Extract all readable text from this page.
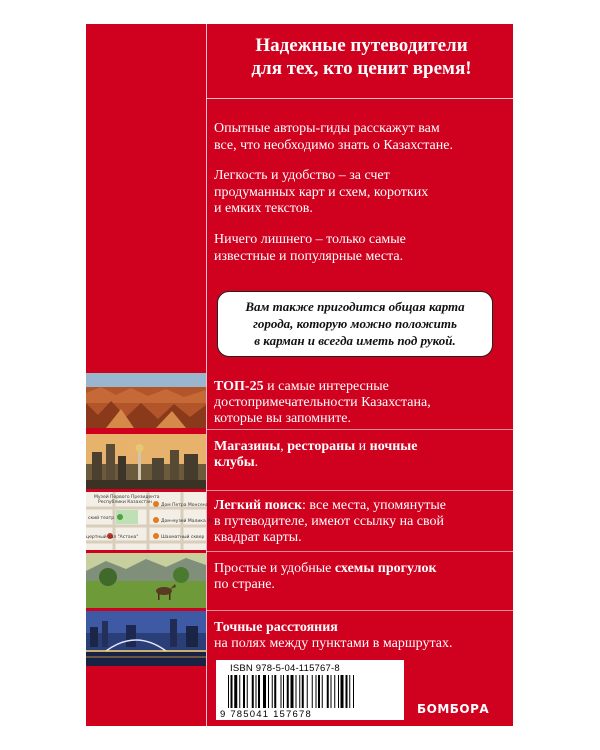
Надежные путеводители
для тех, кто ценит время!
Опытные авторы-гиды расскажут вам
все, что необходимо знать о Казахстане.
Легкость и удобство – за счет
продуманных карт и схем, коротких
и емких текстов.
Ничего лишнего – только самые
известные и популярные места.
Вам также пригодится общая карта
города, которую можно положить
в карман и всегда иметь под рукой.
ТОП-25 и самые интересные
достопримечательности Казахстана,
которые вы запомните.
Магазины, рестораны и ночные
клубы.
Музей Первого Президента
Республики Казахстан
Дом Петра Монсена
ский театр
Дом-музей Малика Ку
цертный зал "Астана"	Шахматный сквер
Легкий поиск: все места, упомянутые
в путеводителе, имеют ссылку на свой
квадрат карты.
Простые и удобные схемы прогулок
по стране.
Точные расстояния
на полях между пунктами в маршрутах.
ISBN 978-5-04-115767-8
9 785041 157678	БОМБОРА
